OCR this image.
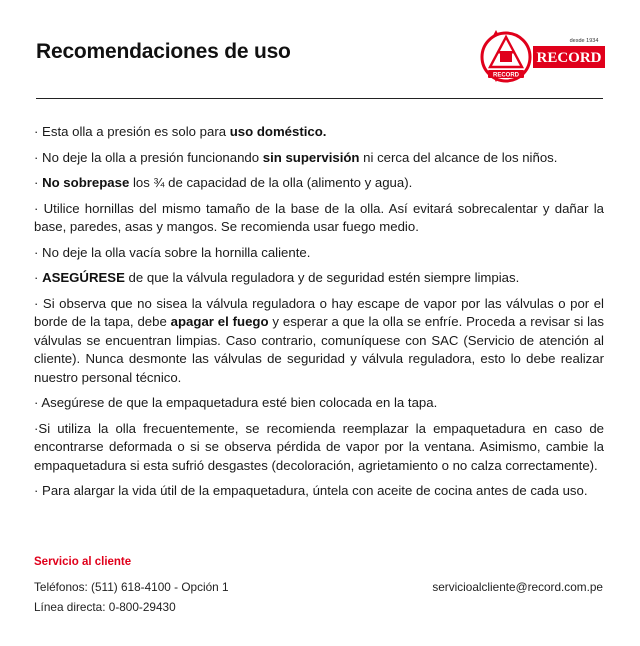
Recomendaciones de uso
RECORD
desde 1934
RECORD
· Esta olla a presión es solo para uso doméstico.
· No deje la olla a presión funcionando sin supervisión ni cerca del alcance de los niños.
· No sobrepase los ¾ de capacidad de la olla (alimento y agua).
· Utilice hornillas del mismo tamaño de la base de la olla. Así evitará sobrecalentar y dañar la base, paredes, asas y mangos. Se recomienda usar fuego medio.
· No deje la olla vacía sobre la hornilla caliente.
· ASEGÚRESE de que la válvula reguladora y de seguridad estén siempre limpias.
· Si observa que no sisea la válvula reguladora o hay escape de vapor por las válvulas o por el borde de la tapa, debe apagar el fuego y esperar a que la olla se enfríe. Proceda a revisar si las válvulas se encuentran limpias. Caso contrario, comuníquese con SAC (Servicio de atención al cliente). Nunca desmonte las válvulas de seguridad y válvula reguladora, esto lo debe realizar nuestro personal técnico.
· Asegúrese de que la empaquetadura esté bien colocada en la tapa.
·Si utiliza la olla frecuentemente, se recomienda reemplazar la empaquetadura en caso de encontrarse deformada o si se observa pérdida de vapor por la ventana. Asimismo, cambie la empaquetadura si esta sufrió desgastes (decoloración, agrietamiento o no calza correctamente).
· Para alargar la vida útil de la empaquetadura, úntela con aceite de cocina antes de cada uso.
Servicio al cliente
Teléfonos: (511) 618-4100 - Opción 1
Línea directa: 0-800-29430
servicioalcliente@record.com.pe
